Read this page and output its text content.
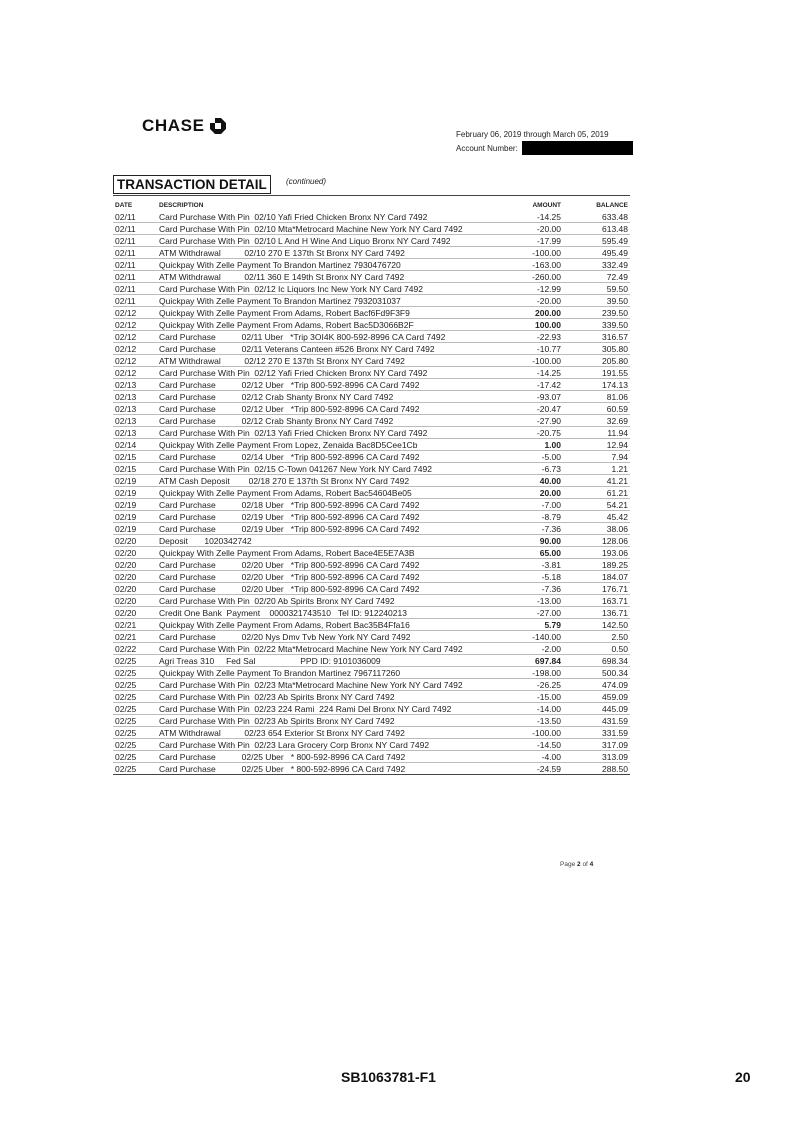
CHASE	February 06, 2019 through March 05, 2019
Account Number:
TRANSACTION DETAIL	(continued)
DATE	DESCRIPTION	AMOUNT	BALANCE
02/11	Card Purchase With Pin  02/10 Yafi Fried Chicken Bronx NY Card 7492	-14.25	633.48
02/11	Card Purchase With Pin  02/10 Mta*Metrocard Machine New York NY Card 7492	-20.00	613.48
02/11	Card Purchase With Pin  02/10 L And H Wine And Liquo Bronx NY Card 7492	-17.99	595.49
02/11	ATM Withdrawal          02/10 270 E 137th St Bronx NY Card 7492	-100.00	495.49
02/11	Quickpay With Zelle Payment To Brandon Martinez 7930476720	-163.00	332.49
02/11	ATM Withdrawal          02/11 360 E 149th St Bronx NY Card 7492	-260.00	72.49
02/11	Card Purchase With Pin  02/12 Ic Liquors Inc New York NY Card 7492	-12.99	59.50
02/11	Quickpay With Zelle Payment To Brandon Martinez 7932031037	-20.00	39.50
02/12	Quickpay With Zelle Payment From Adams, Robert Bacf6Fd9F3F9	200.00	239.50
02/12	Quickpay With Zelle Payment From Adams, Robert Bac5D3066B2F	100.00	339.50
02/12	Card Purchase           02/11 Uber   *Trip 3OI4K 800-592-8996 CA Card 7492	-22.93	316.57
02/12	Card Purchase           02/11 Veterans Canteen #526 Bronx NY Card 7492	-10.77	305.80
02/12	ATM Withdrawal          02/12 270 E 137th St Bronx NY Card 7492	-100.00	205.80
02/12	Card Purchase With Pin  02/12 Yafi Fried Chicken Bronx NY Card 7492	-14.25	191.55
02/13	Card Purchase           02/12 Uber   *Trip 800-592-8996 CA Card 7492	-17.42	174.13
02/13	Card Purchase           02/12 Crab Shanty Bronx NY Card 7492	-93.07	81.06
02/13	Card Purchase           02/12 Uber   *Trip 800-592-8996 CA Card 7492	-20.47	60.59
02/13	Card Purchase           02/12 Crab Shanty Bronx NY Card 7492	-27.90	32.69
02/13	Card Purchase With Pin  02/13 Yafi Fried Chicken Bronx NY Card 7492	-20.75	11.94
02/14	Quickpay With Zelle Payment From Lopez, Zenaida Bac8D5Cee1Cb	1.00	12.94
02/15	Card Purchase           02/14 Uber   *Trip 800-592-8996 CA Card 7492	-5.00	7.94
02/15	Card Purchase With Pin  02/15 C-Town 041267 New York NY Card 7492	-6.73	1.21
02/19	ATM Cash Deposit        02/18 270 E 137th St Bronx NY Card 7492	40.00	41.21
02/19	Quickpay With Zelle Payment From Adams, Robert Bac54604Be05	20.00	61.21
02/19	Card Purchase           02/18 Uber   *Trip 800-592-8996 CA Card 7492	-7.00	54.21
02/19	Card Purchase           02/19 Uber   *Trip 800-592-8996 CA Card 7492	-8.79	45.42
02/19	Card Purchase           02/19 Uber   *Trip 800-592-8996 CA Card 7492	-7.36	38.06
02/20	Deposit       1020342742	90.00	128.06
02/20	Quickpay With Zelle Payment From Adams, Robert Bace4E5E7A3B	65.00	193.06
02/20	Card Purchase           02/20 Uber   *Trip 800-592-8996 CA Card 7492	-3.81	189.25
02/20	Card Purchase           02/20 Uber   *Trip 800-592-8996 CA Card 7492	-5.18	184.07
02/20	Card Purchase           02/20 Uber   *Trip 800-592-8996 CA Card 7492	-7.36	176.71
02/20	Card Purchase With Pin  02/20 Ab Spirits Bronx NY Card 7492	-13.00	163.71
02/20	Credit One Bank  Payment    0000321743510   Tel ID: 912240213	-27.00	136.71
02/21	Quickpay With Zelle Payment From Adams, Robert Bac35B4Ffa16	5.79	142.50
02/21	Card Purchase           02/20 Nys Dmv Tvb New York NY Card 7492	-140.00	2.50
02/22	Card Purchase With Pin  02/22 Mta*Metrocard Machine New York NY Card 7492	-2.00	0.50
02/25	Agri Treas 310     Fed Sal                   PPD ID: 9101036009	697.84	698.34
02/25	Quickpay With Zelle Payment To Brandon Martinez 7967117260	-198.00	500.34
02/25	Card Purchase With Pin  02/23 Mta*Metrocard Machine New York NY Card 7492	-26.25	474.09
02/25	Card Purchase With Pin  02/23 Ab Spirits Bronx NY Card 7492	-15.00	459.09
02/25	Card Purchase With Pin  02/23 224 Rami  224 Rami Del Bronx NY Card 7492	-14.00	445.09
02/25	Card Purchase With Pin  02/23 Ab Spirits Bronx NY Card 7492	-13.50	431.59
02/25	ATM Withdrawal          02/23 654 Exterior St Bronx NY Card 7492	-100.00	331.59
02/25	Card Purchase With Pin  02/23 Lara Grocery Corp Bronx NY Card 7492	-14.50	317.09
02/25	Card Purchase           02/25 Uber   * 800-592-8996 CA Card 7492	-4.00	313.09
02/25	Card Purchase           02/25 Uber   * 800-592-8996 CA Card 7492	-24.59	288.50
Page 2 of 4
SB1063781-F1	20
